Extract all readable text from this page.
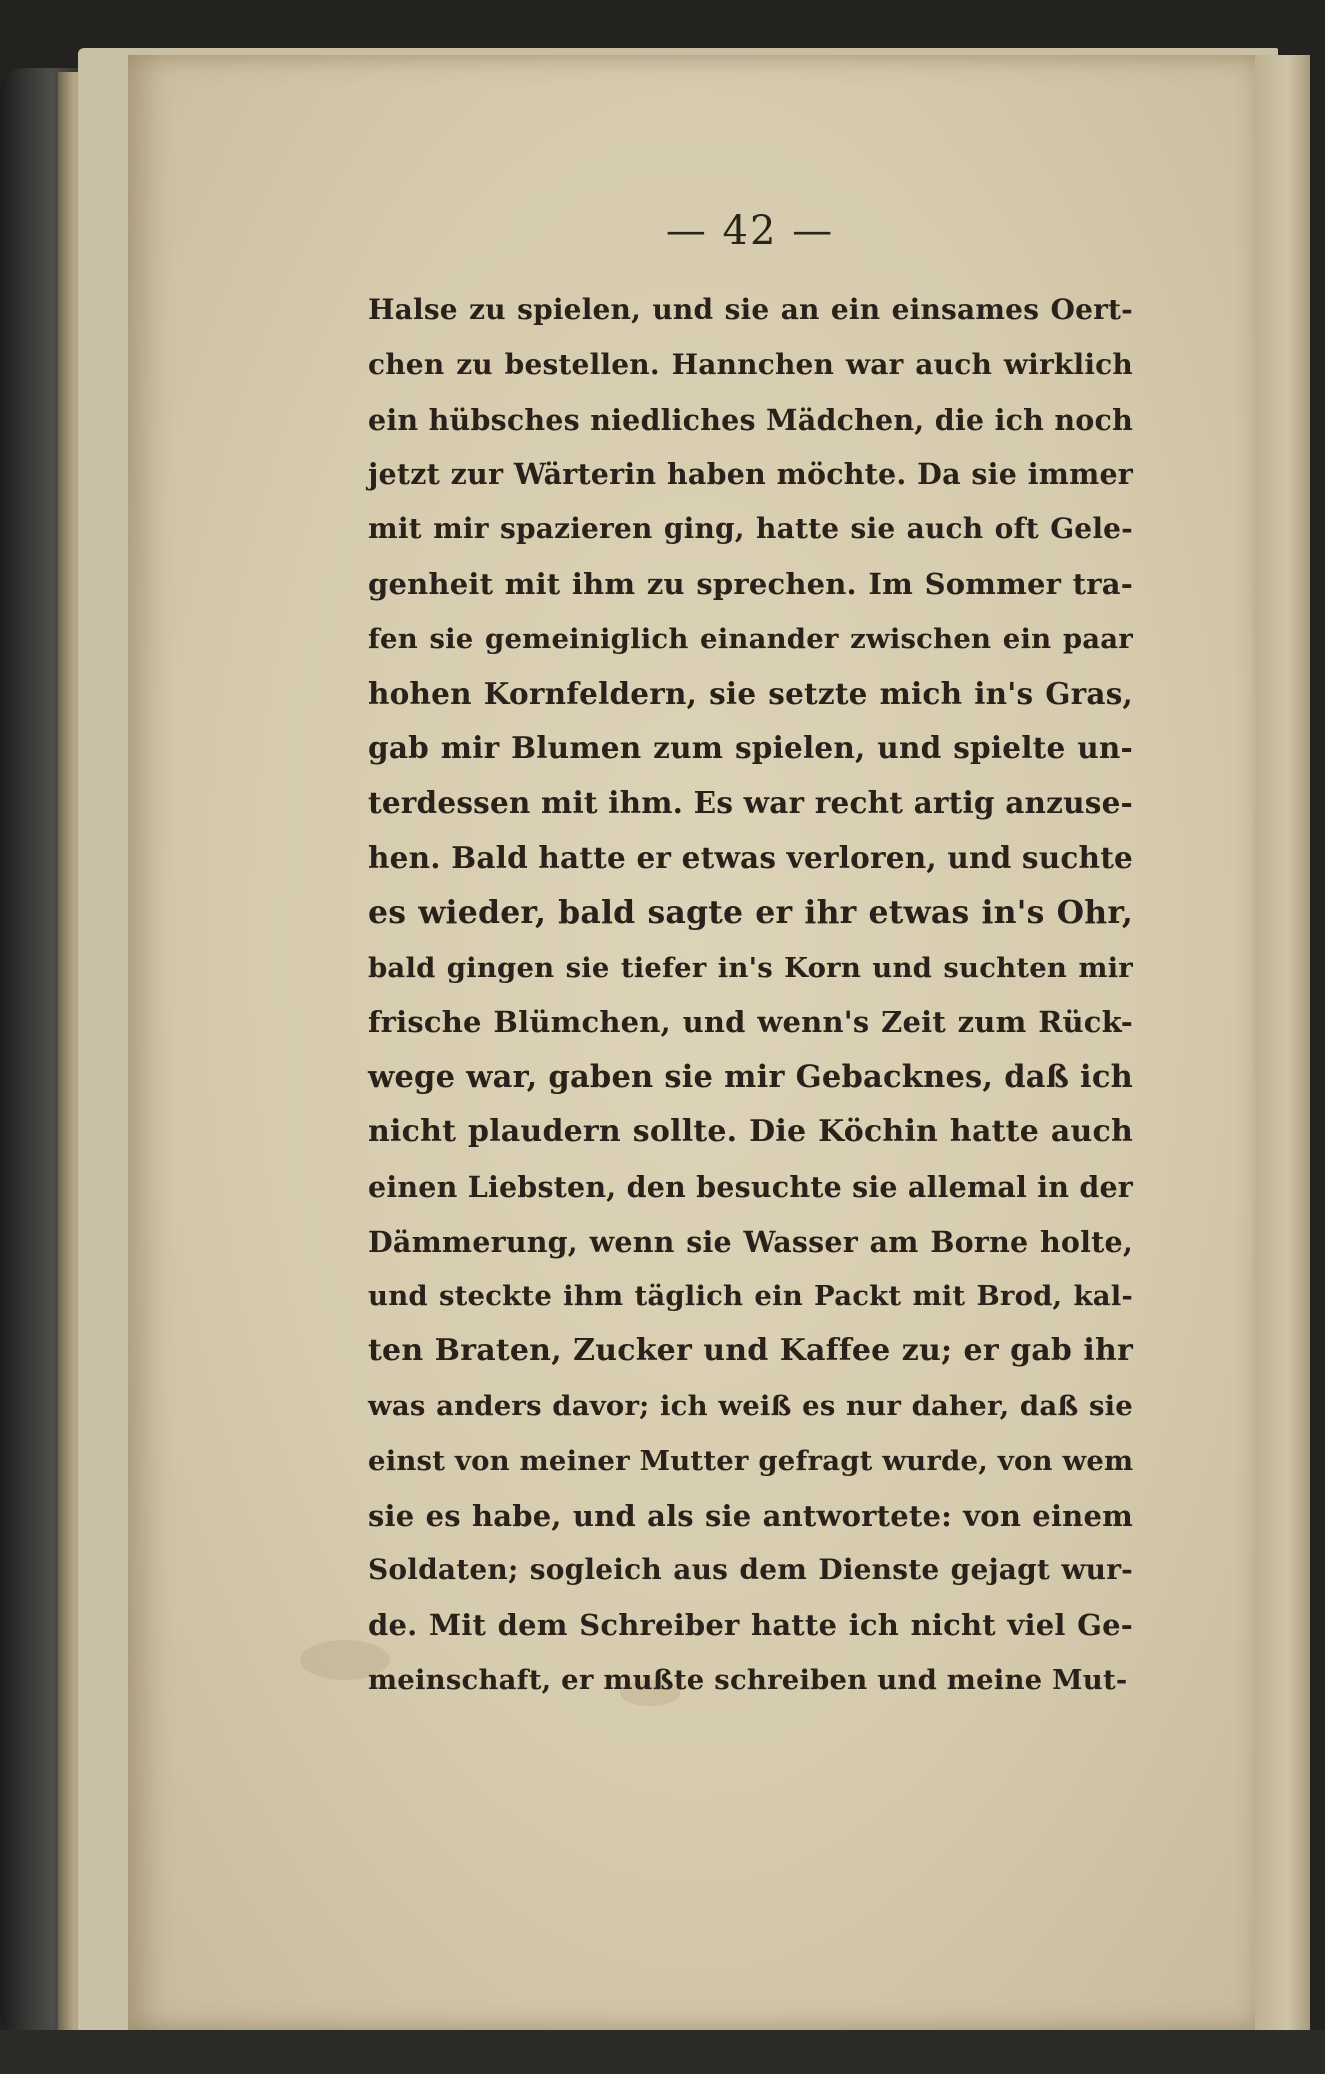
— 42 —
Halse zu spielen, und sie an ein einsames Oert-
chen zu bestellen. Hannchen war auch wirklich
ein hübsches niedliches Mädchen, die ich noch
jetzt zur Wärterin haben möchte. Da sie immer
mit mir spazieren ging, hatte sie auch oft Gele-
genheit mit ihm zu sprechen. Im Sommer tra-
fen sie gemeiniglich einander zwischen ein paar
hohen Kornfeldern, sie setzte mich in's Gras,
gab mir Blumen zum spielen, und spielte un-
terdessen mit ihm. Es war recht artig anzuse-
hen. Bald hatte er etwas verloren, und suchte
es wieder, bald sagte er ihr etwas in's Ohr,
bald gingen sie tiefer in's Korn und suchten mir
frische Blümchen, und wenn's Zeit zum Rück-
wege war, gaben sie mir Gebacknes, daß ich
nicht plaudern sollte. Die Köchin hatte auch
einen Liebsten, den besuchte sie allemal in der
Dämmerung, wenn sie Wasser am Borne holte,
und steckte ihm täglich ein Packt mit Brod, kal-
ten Braten, Zucker und Kaffee zu; er gab ihr
was anders davor; ich weiß es nur daher, daß sie
einst von meiner Mutter gefragt wurde, von wem
sie es habe, und als sie antwortete: von einem
Soldaten; sogleich aus dem Dienste gejagt wur-
de. Mit dem Schreiber hatte ich nicht viel Ge-
meinschaft, er mußte schreiben und meine Mut-
